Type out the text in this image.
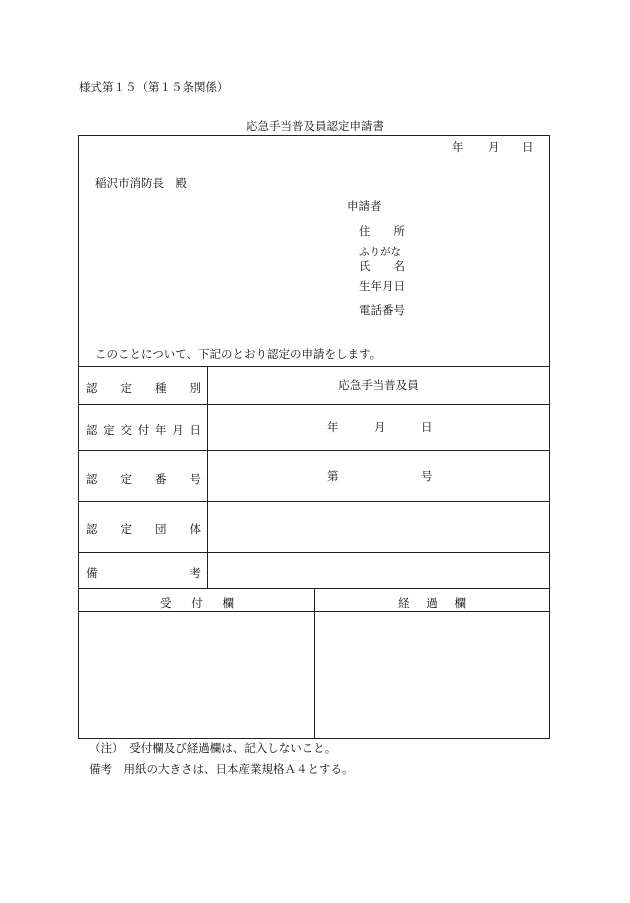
様式第１５（第１５条関係）
応急手当普及員認定申請書
年 月 日
稲沢市消防長　殿
申請者
住 所
ふりがな
氏 名
生年月日
電話番号
このことについて、下記のとおり認定の申請をします。
認 定 種 別	応急手当普及員
認 定 交 付 年 月 日	年	月	日
認 定 番 号	第	号
認 定 団 体
備	考
受 付 欄	経 過 欄
（注）　受付欄及び経過欄は、記入しないこと。
備考　用紙の大きさは、日本産業規格Ａ４とする。
